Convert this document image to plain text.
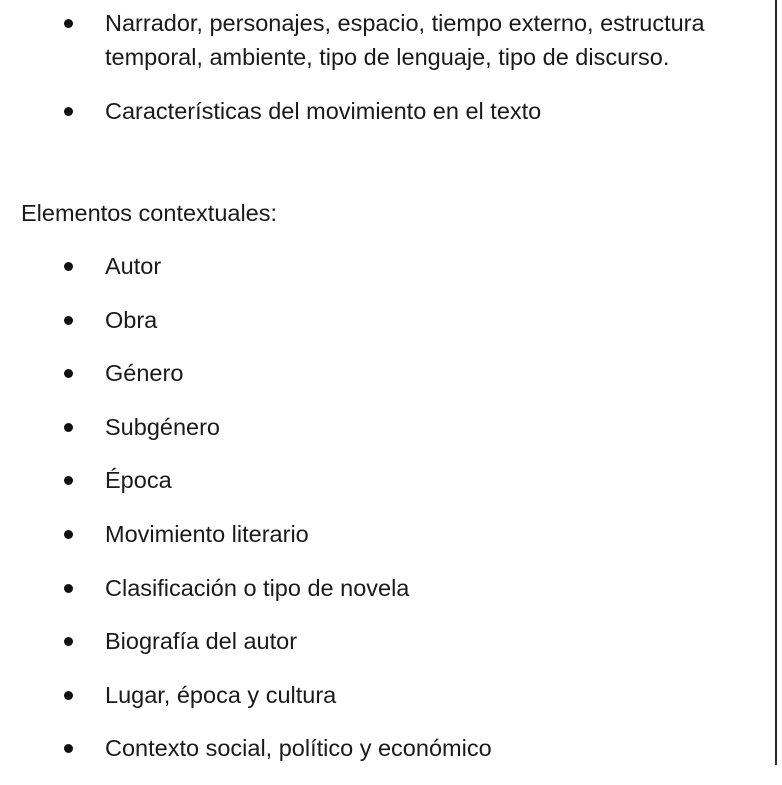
Narrador, personajes, espacio, tiempo externo, estructura temporal, ambiente, tipo de lenguaje, tipo de discurso.
Características del movimiento en el texto
Elementos contextuales:
Autor
Obra
Género
Subgénero
Época
Movimiento literario
Clasificación o tipo de novela
Biografía del autor
Lugar, época y cultura
Contexto social, político y económico
